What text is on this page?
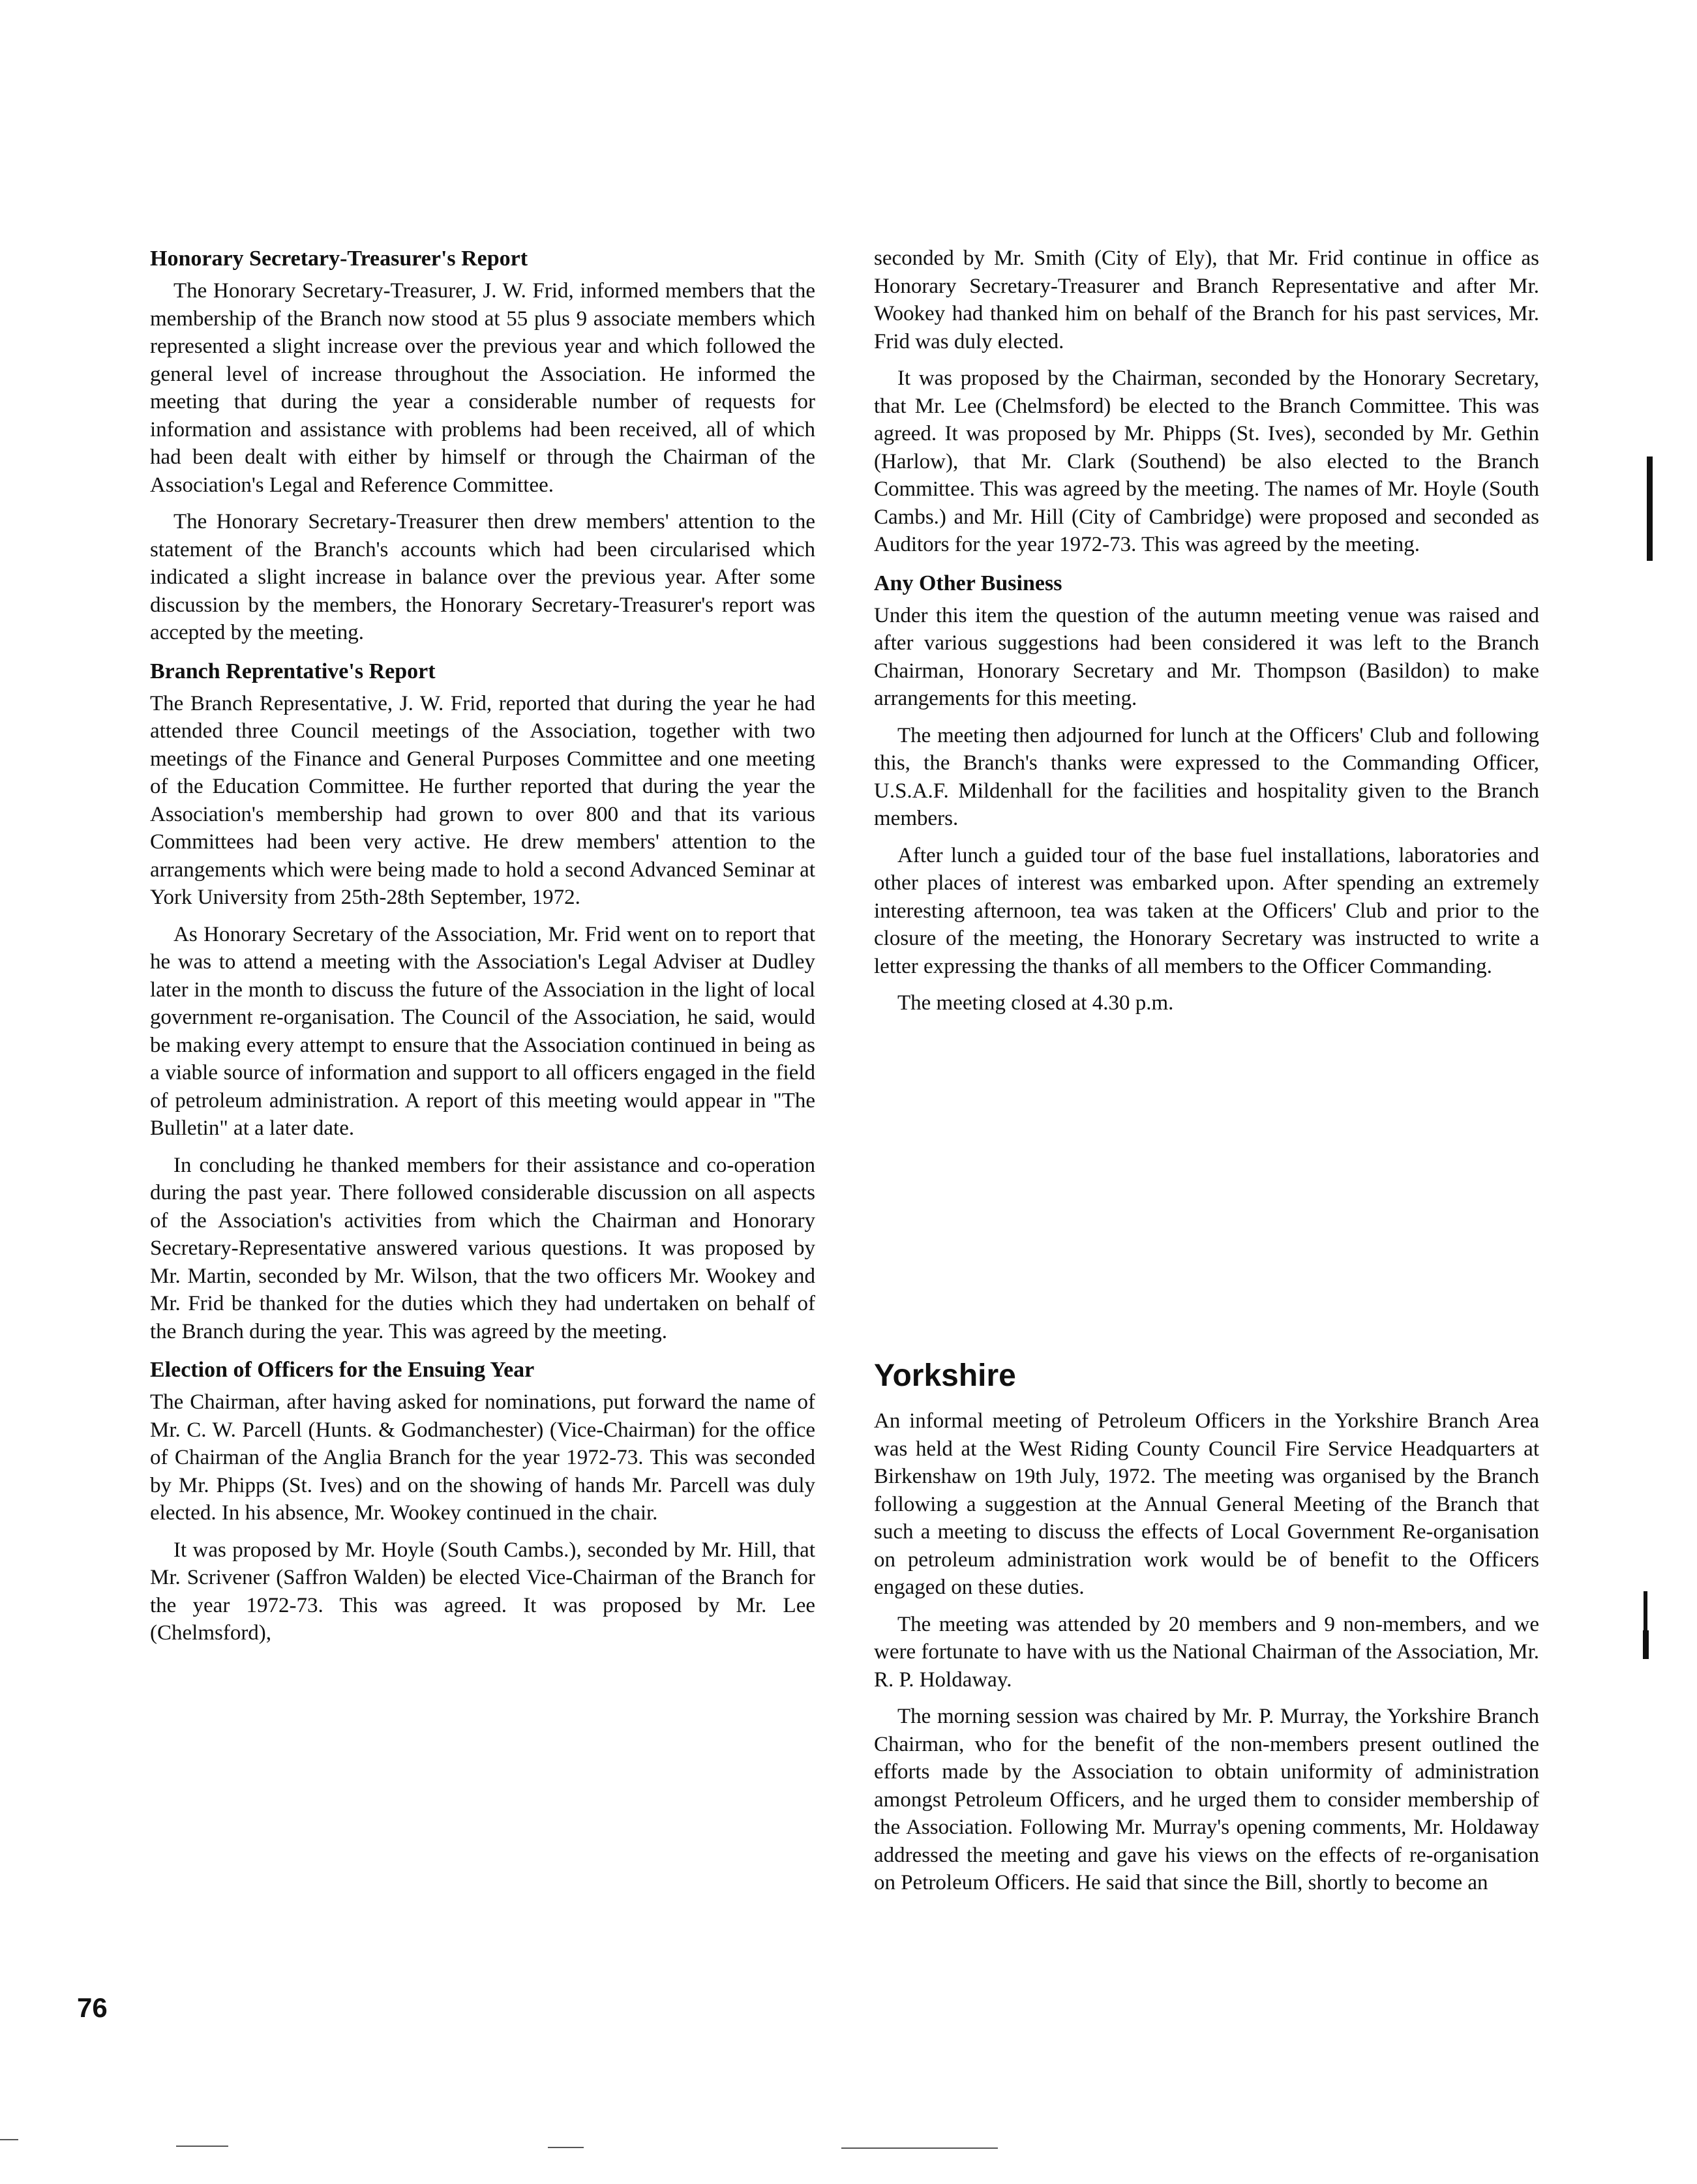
Honorary Secretary-Treasurer's Report

The Honorary Secretary-Treasurer, J. W. Frid, informed members that the membership of the Branch now stood at 55 plus 9 associate members which represented a slight increase over the previous year and which followed the general level of increase throughout the Association. He informed the meeting that during the year a considerable number of requests for information and assistance with problems had been received, all of which had been dealt with either by himself or through the Chairman of the Association's Legal and Reference Committee.

The Honorary Secretary-Treasurer then drew members' attention to the statement of the Branch's accounts which had been circularised which indicated a slight increase in balance over the previous year. After some discussion by the members, the Honorary Secretary-Treasurer's report was accepted by the meeting.

Branch Reprentative's Report

The Branch Representative, J. W. Frid, reported that during the year he had attended three Council meetings of the Association, together with two meetings of the Finance and General Purposes Committee and one meeting of the Education Committee. He further reported that during the year the Association's membership had grown to over 800 and that its various Committees had been very active. He drew members' attention to the arrangements which were being made to hold a second Advanced Seminar at York University from 25th-28th September, 1972.

As Honorary Secretary of the Association, Mr. Frid went on to report that he was to attend a meeting with the Association's Legal Adviser at Dudley later in the month to discuss the future of the Association in the light of local government re-organisation. The Council of the Association, he said, would be making every attempt to ensure that the Association continued in being as a viable source of information and support to all officers engaged in the field of petroleum administration. A report of this meeting would appear in "The Bulletin" at a later date.

In concluding he thanked members for their assistance and co-operation during the past year. There followed considerable discussion on all aspects of the Association's activities from which the Chairman and Honorary Secretary-Representative answered various questions. It was proposed by Mr. Martin, seconded by Mr. Wilson, that the two officers Mr. Wookey and Mr. Frid be thanked for the duties which they had undertaken on behalf of the Branch during the year. This was agreed by the meeting.

Election of Officers for the Ensuing Year

The Chairman, after having asked for nominations, put forward the name of Mr. C. W. Parcell (Hunts. & Godmanchester) (Vice-Chairman) for the office of Chairman of the Anglia Branch for the year 1972-73. This was seconded by Mr. Phipps (St. Ives) and on the showing of hands Mr. Parcell was duly elected. In his absence, Mr. Wookey continued in the chair.

It was proposed by Mr. Hoyle (South Cambs.), seconded by Mr. Hill, that Mr. Scrivener (Saffron Walden) be elected Vice-Chairman of the Branch for the year 1972-73. This was agreed. It was proposed by Mr. Lee (Chelmsford),

seconded by Mr. Smith (City of Ely), that Mr. Frid continue in office as Honorary Secretary-Treasurer and Branch Representative and after Mr. Wookey had thanked him on behalf of the Branch for his past services, Mr. Frid was duly elected.

It was proposed by the Chairman, seconded by the Honorary Secretary, that Mr. Lee (Chelmsford) be elected to the Branch Committee. This was agreed. It was proposed by Mr. Phipps (St. Ives), seconded by Mr. Gethin (Harlow), that Mr. Clark (Southend) be also elected to the Branch Committee. This was agreed by the meeting. The names of Mr. Hoyle (South Cambs.) and Mr. Hill (City of Cambridge) were proposed and seconded as Auditors for the year 1972-73. This was agreed by the meeting.

Any Other Business

Under this item the question of the autumn meeting venue was raised and after various suggestions had been considered it was left to the Branch Chairman, Honorary Secretary and Mr. Thompson (Basildon) to make arrangements for this meeting.

The meeting then adjourned for lunch at the Officers' Club and following this, the Branch's thanks were expressed to the Commanding Officer, U.S.A.F. Mildenhall for the facilities and hospitality given to the Branch members.

After lunch a guided tour of the base fuel installations, laboratories and other places of interest was embarked upon. After spending an extremely interesting afternoon, tea was taken at the Officers' Club and prior to the closure of the meeting, the Honorary Secretary was instructed to write a letter expressing the thanks of all members to the Officer Commanding.

The meeting closed at 4.30 p.m.

Yorkshire

An informal meeting of Petroleum Officers in the Yorkshire Branch Area was held at the West Riding County Council Fire Service Headquarters at Birkenshaw on 19th July, 1972. The meeting was organised by the Branch following a suggestion at the Annual General Meeting of the Branch that such a meeting to discuss the effects of Local Government Re-organisation on petroleum administration work would be of benefit to the Officers engaged on these duties.

The meeting was attended by 20 members and 9 non-members, and we were fortunate to have with us the National Chairman of the Association, Mr. R. P. Holdaway.

The morning session was chaired by Mr. P. Murray, the Yorkshire Branch Chairman, who for the benefit of the non-members present outlined the efforts made by the Association to obtain uniformity of administration amongst Petroleum Officers, and he urged them to consider membership of the Association. Following Mr. Murray's opening comments, Mr. Holdaway addressed the meeting and gave his views on the effects of re-organisation on Petroleum Officers. He said that since the Bill, shortly to become an

76
